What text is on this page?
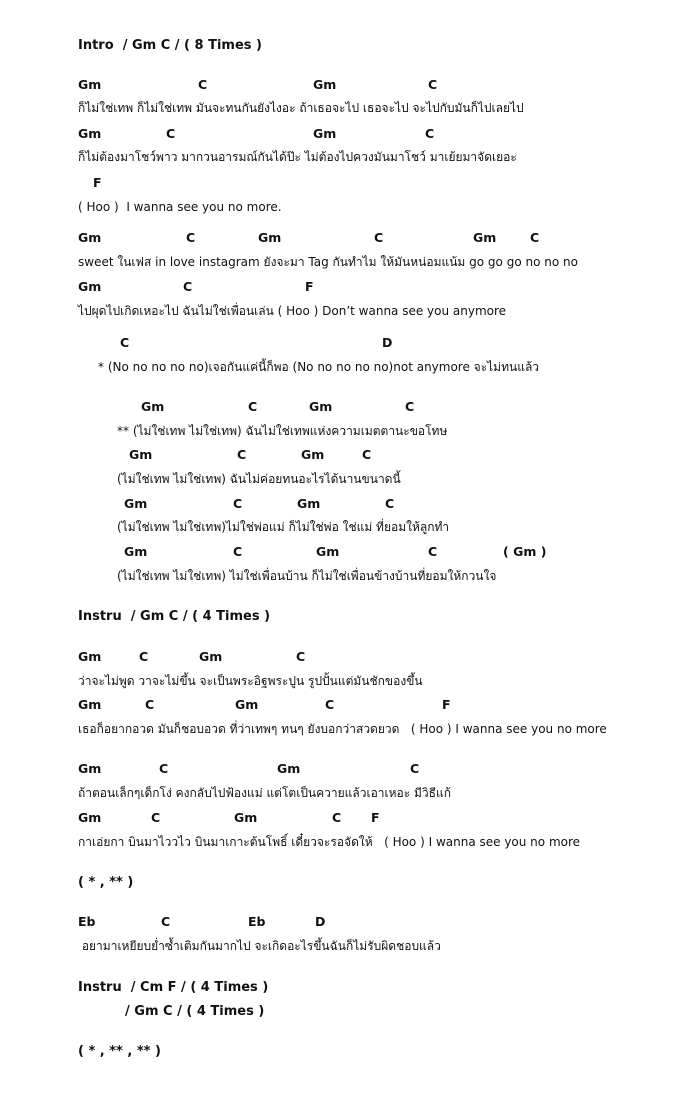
Intro  / Gm C / ( 8 Times )
Gm	C	Gm	C
ก็ไม่ใช่เทพ ก็ไม่ใช่เทพ มันจะทนกันยังไงอะ ถ้าเธอจะไป เธอจะไป จะไปกับมันก็ไปเลยไป
Gm	C	Gm	C
ก็ไม่ต้องมาโชว์พาว มากวนอารมณ์กันได้ป๊ะ ไม่ต้องไปควงมันมาโชว์ มาเย้ยมาจัดเยอะ
F
( Hoo )  I wanna see you no more.
Gm	C	Gm	C	Gm	C
sweet ในเฟส in love instagram ยังจะมา Tag กันทำไม ให้มันหน่อมแน้ม go go go no no no
Gm	C	F
ไปผุดไปเกิดเหอะไป ฉันไม่ใช่เพื่อนเล่น ( Hoo ) Don’t wanna see you anymore
C	D
* (No no no no no)เจอกันแค่นี้ก็พอ (No no no no no)not anymore จะไม่ทนแล้ว
Gm	C	Gm	C
** (ไม่ใช่เทพ ไม่ใช่เทพ) ฉันไม่ใช่เทพแห่งความเมตตานะขอโทษ
Gm	C	Gm	C
(ไม่ใช่เทพ ไม่ใช่เทพ) ฉันไม่ค่อยทนอะไรได้นานขนาดนี้
Gm	C	Gm	C
(ไม่ใช่เทพ ไม่ใช่เทพ)ไม่ใช่พ่อแม่ ก็ไม่ใช่พ่อ ใช่แม่ ที่ยอมให้ลูกทำ
Gm	C	Gm	C	( Gm )
(ไม่ใช่เทพ ไม่ใช่เทพ) ไม่ใช่เพื่อนบ้าน ก็ไม่ใช่เพื่อนข้างบ้านที่ยอมให้กวนใจ
Instru  / Gm C / ( 4 Times )
Gm	C	Gm	C
ว่าจะไม่พูด วาจะไม่ขึ้น จะเป็นพระอิฐพระปูน รูปปั้นแต่มันชักของขึ้น
Gm	C	Gm	C	F
เธอก็อยากอวด มันก็ชอบอวด ที่ว่าเทพๆ ทนๆ ยังบอกว่าสวดยวด   ( Hoo ) I wanna see you no more
Gm	C	Gm	C
ถ้าตอนเล็กๆเด็กโง่ คงกลับไปฟ้องแม่ แต่โตเป็นควายแล้วเอาเหอะ มีวิธีแก้
Gm	C	Gm	C F
กาเอ่ยกา บินมาไววไว บินมาเกาะต้นโพธิ์ เดี๋ยวจะรอจัดให้   ( Hoo ) I wanna see you no more
( * , ** )
Eb	C	Eb	D
อยามาเหยียบย่ำซ้ำเติมกันมากไป จะเกิดอะไรขึ้นฉันก็ไม่รับผิดชอบแล้ว
Instru  / Cm F / ( 4 Times )
/ Gm C / ( 4 Times )
( * , ** , ** )
